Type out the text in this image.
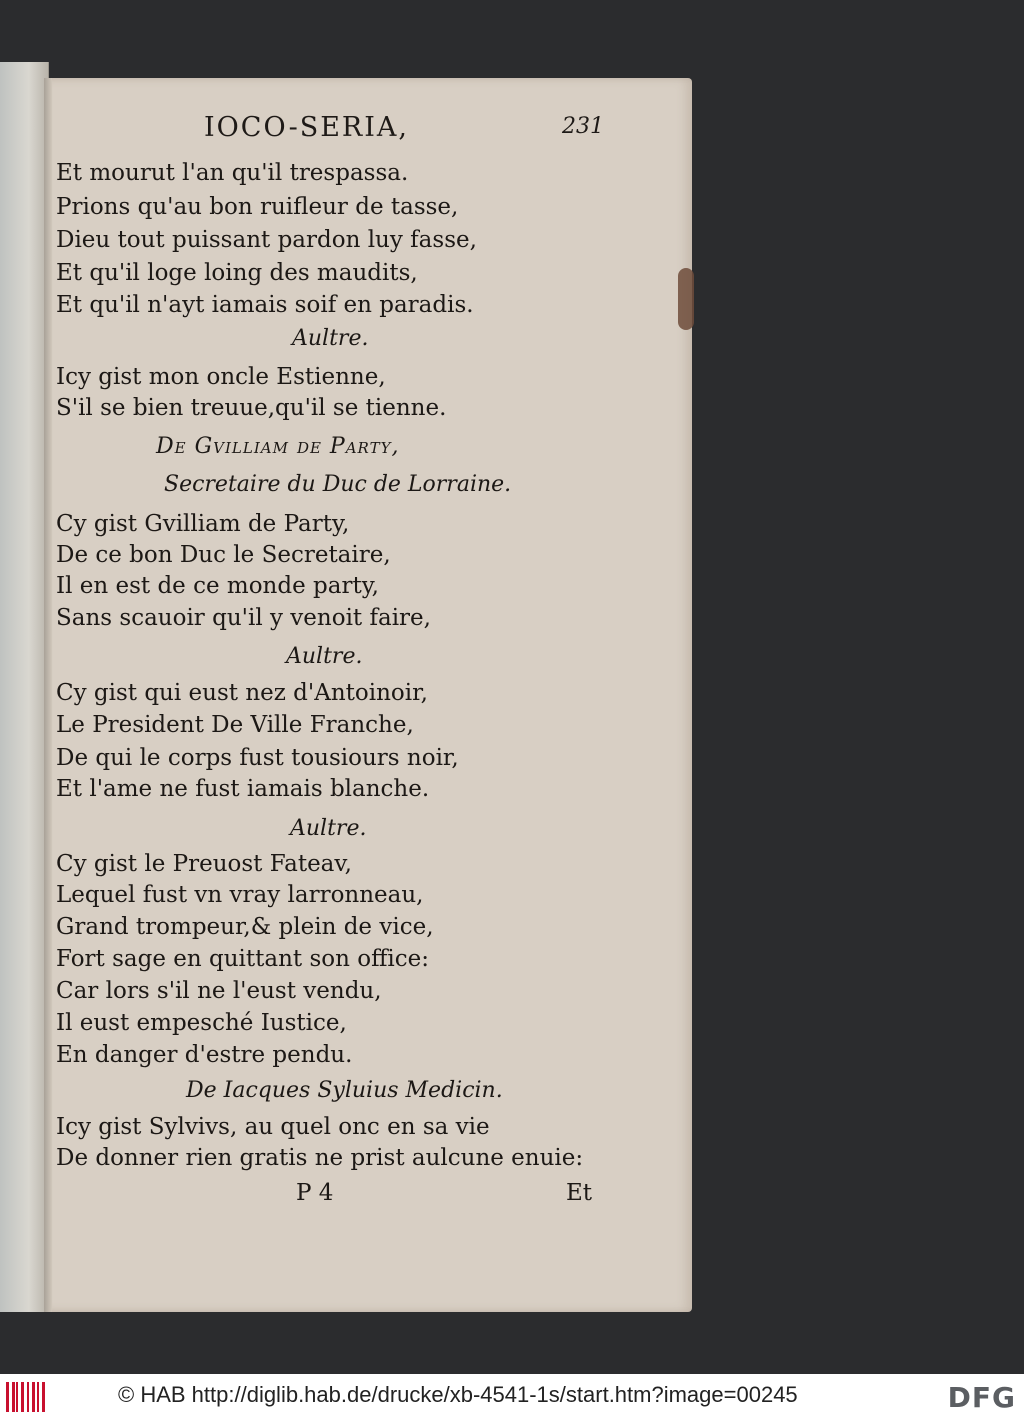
IOCO-SERIA,	231
Et mourut l'an qu'il trespassa.
Prions qu'au bon ruifleur de tasse,
Dieu tout puissant pardon luy fasse,
Et qu'il loge loing des maudits,
Et qu'il n'ayt iamais soif en paradis.
Aultre.
Icy gist mon oncle Estienne,
S'il se bien treuue,qu'il se tienne.
De Gvilliam de Party,
Secretaire du Duc de Lorraine.
Cy gist Gvilliam de Party,
De ce bon Duc le Secretaire,
Il en est de ce monde party,
Sans scauoir qu'il y venoit faire,
Aultre.
Cy gist qui eust nez d'Antoinoir,
Le President De Ville Franche,
De qui le corps fust tousiours noir,
Et l'ame ne fust iamais blanche.
Aultre.
Cy gist le Preuost Fateav,
Lequel fust vn vray larronneau,
Grand trompeur,& plein de vice,
Fort sage en quittant son office:
Car lors s'il ne l'eust vendu,
Il eust empesché Iustice,
En danger d'estre pendu.
De Iacques Syluius Medicin.
Icy gist Sylvivs, au quel onc en sa vie
De donner rien gratis ne prist aulcune enuie:
P 4	Et
© HAB http://diglib.hab.de/drucke/xb-4541-1s/start.htm?image=00245	DFG
